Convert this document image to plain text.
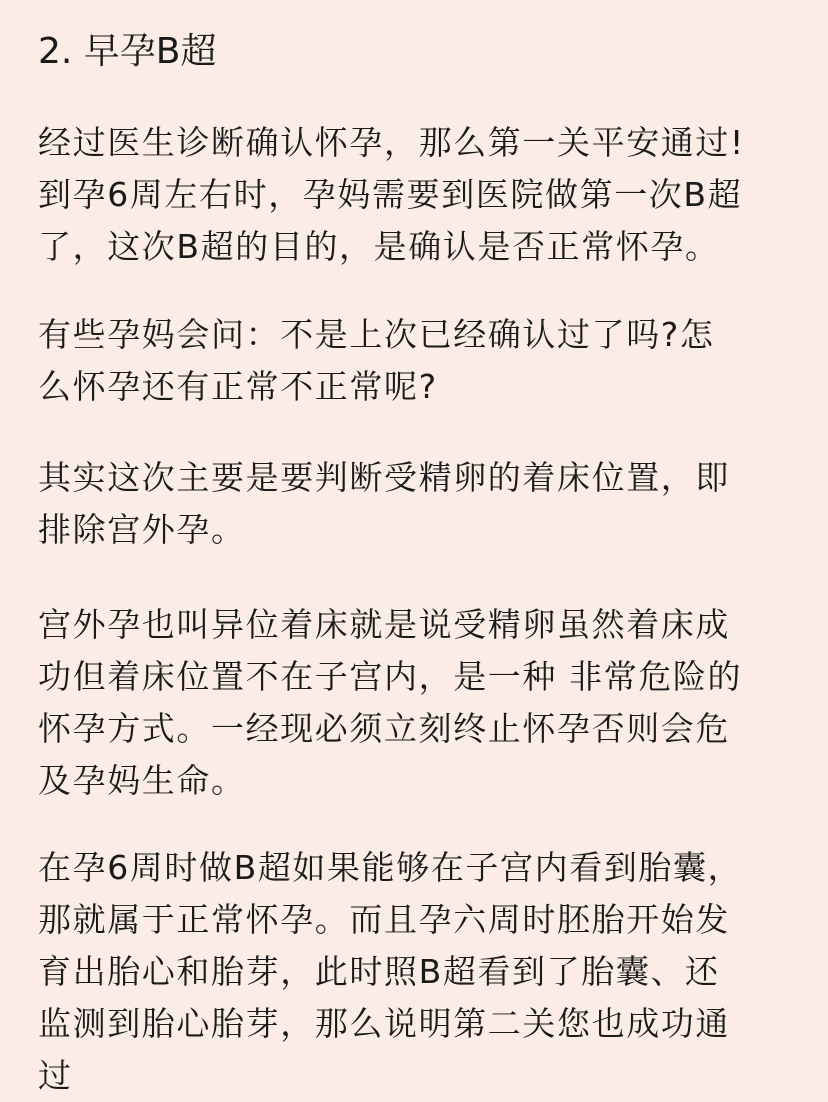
2. 早孕B超

经过医生诊断确认怀孕，那么第一关平安通过!
到孕6周左右时，孕妈需要到医院做第一次B超
了，这次B超的目的，是确认是否正常怀孕。

有些孕妈会问：不是上次已经确认过了吗?怎
么怀孕还有正常不正常呢?

其实这次主要是要判断受精卵的着床位置，即
排除宫外孕。

宫外孕也叫异位着床就是说受精卵虽然着床成
功但着床位置不在子宫内，是一种 非常危险的
怀孕方式。一经现必须立刻终止怀孕否则会危
及孕妈生命。

在孕6周时做B超如果能够在子宫内看到胎囊，
那就属于正常怀孕。而且孕六周时胚胎开始发
育出胎心和胎芽，此时照B超看到了胎囊、还
监测到胎心胎芽，那么说明第二关您也成功通
过
